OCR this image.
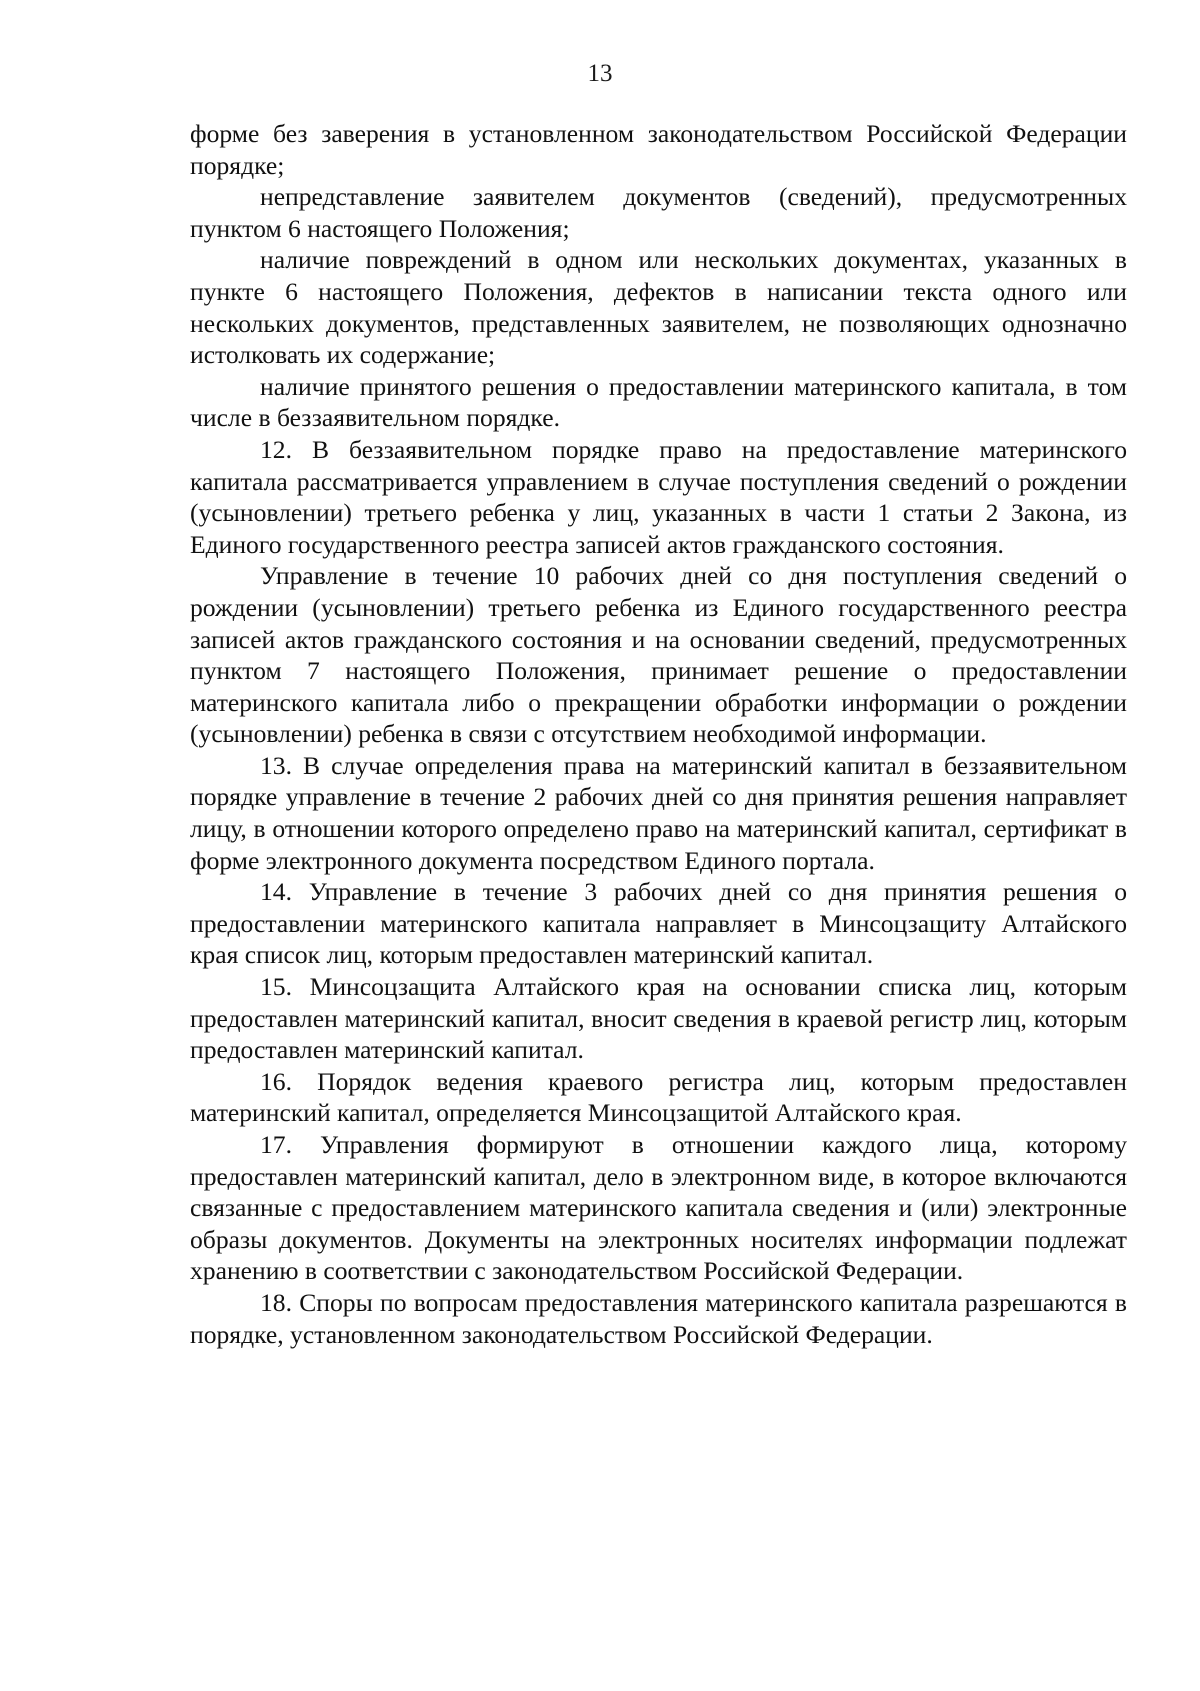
13

форме без заверения в установленном законодательством Российской Федерации порядке;

непредставление заявителем документов (сведений), предусмотренных пунктом 6 настоящего Положения;

наличие повреждений в одном или нескольких документах, указанных в пункте 6 настоящего Положения, дефектов в написании текста одного или нескольких документов, представленных заявителем, не позволяющих однозначно истолковать их содержание;

наличие принятого решения о предоставлении материнского капитала, в том числе в беззаявительном порядке.

12. В беззаявительном порядке право на предоставление материнского капитала рассматривается управлением в случае поступления сведений о рождении (усыновлении) третьего ребенка у лиц, указанных в части 1 статьи 2 Закона, из Единого государственного реестра записей актов гражданского состояния.

Управление в течение 10 рабочих дней со дня поступления сведений о рождении (усыновлении) третьего ребенка из Единого государственного реестра записей актов гражданского состояния и на основании сведений, предусмотренных пунктом 7 настоящего Положения, принимает решение о предоставлении материнского капитала либо о прекращении обработки информации о рождении (усыновлении) ребенка в связи с отсутствием необходимой информации.

13. В случае определения права на материнский капитал в беззаявительном порядке управление в течение 2 рабочих дней со дня принятия решения направляет лицу, в отношении которого определено право на материнский капитал, сертификат в форме электронного документа посредством Единого портала.

14. Управление в течение 3 рабочих дней со дня принятия решения о предоставлении материнского капитала направляет в Минсоцзащиту Алтайского края список лиц, которым предоставлен материнский капитал.

15. Минсоцзащита Алтайского края на основании списка лиц, которым предоставлен материнский капитал, вносит сведения в краевой регистр лиц, которым предоставлен материнский капитал.

16. Порядок ведения краевого регистра лиц, которым предоставлен материнский капитал, определяется Минсоцзащитой Алтайского края.

17. Управления формируют в отношении каждого лица, которому предоставлен материнский капитал, дело в электронном виде, в которое включаются связанные с предоставлением материнского капитала сведения и (или) электронные образы документов. Документы на электронных носителях информации подлежат хранению в соответствии с законодательством Российской Федерации.

18. Споры по вопросам предоставления материнского капитала разрешаются в порядке, установленном законодательством Российской Федерации.
